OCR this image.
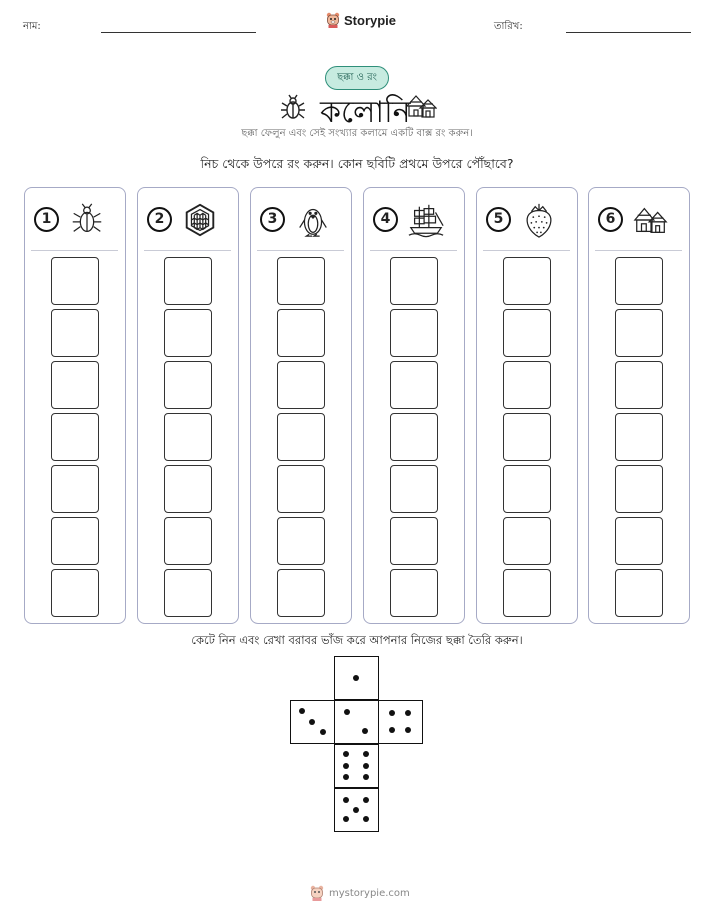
নাম:	Storypie	তারিখ:
ছক্কা ও রং
কলোনি
ছক্কা ফেলুন এবং সেই সংখ্যার কলামে একটি বাক্স রং করুন।
নিচ থেকে উপরে রং করুন। কোন ছবিটি প্রথমে উপরে পৌঁছাবে?
1	2	3	4	5	6
কেটে নিন এবং রেখা বরাবর ভাঁজ করে আপনার নিজের ছক্কা তৈরি করুন।
mystorypie.com
